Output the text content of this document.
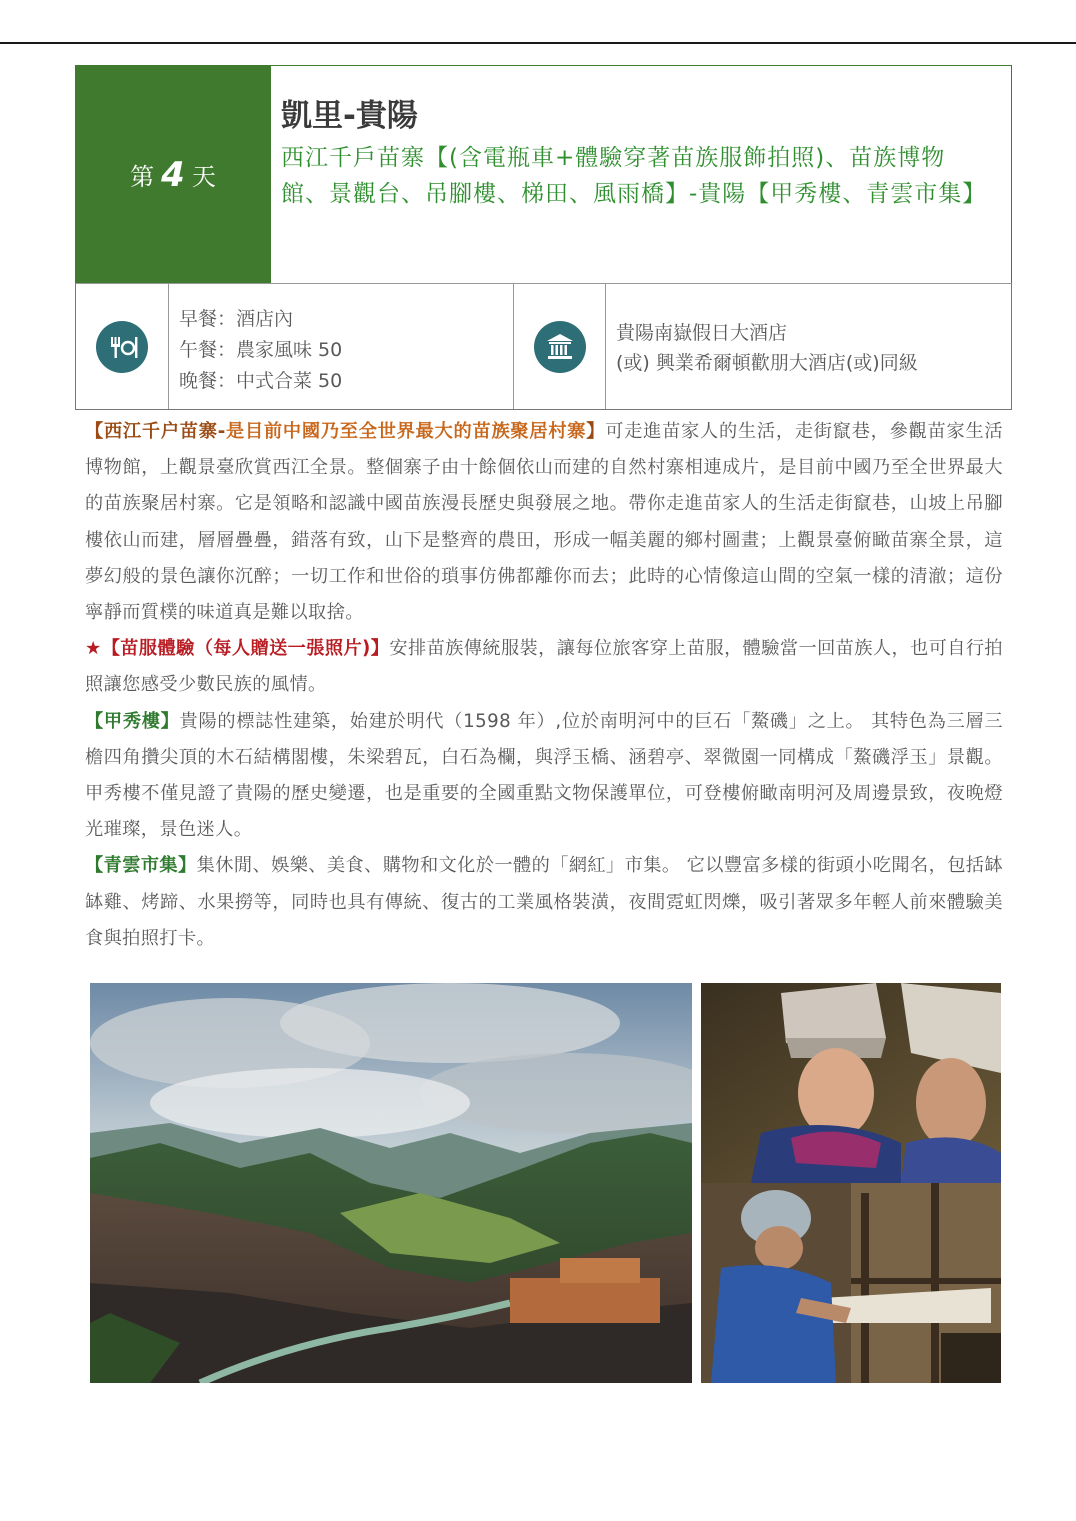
第 4 天
凱里-貴陽
西江千戶苗寨【(含電瓶車+體驗穿著苗族服飾拍照)、苗族博物館、景觀台、吊腳樓、梯田、風雨橋】-貴陽【甲秀樓、青雲市集】
早餐：酒店內
午餐：農家風味 50
晚餐：中式合菜 50
貴陽南嶽假日大酒店
(或) 興業希爾頓歡朋大酒店(或)同級

【西江千户苗寨-是目前中國乃至全世界最大的苗族聚居村寨】可走進苗家人的生活，走街竄巷，參觀苗家生活博物館，上觀景臺欣賞西江全景。整個寨子由十餘個依山而建的自然村寨相連成片，是目前中國乃至全世界最大的苗族聚居村寨。它是領略和認識中國苗族漫長歷史與發展之地。帶你走進苗家人的生活走街竄巷，山坡上吊腳樓依山而建，層層疊疊，錯落有致，山下是整齊的農田，形成一幅美麗的鄉村圖畫；上觀景臺俯瞰苗寨全景，這夢幻般的景色讓你沉醉；一切工作和世俗的瑣事仿佛都離你而去；此時的心情像這山間的空氣一樣的清澈；這份寧靜而質樸的味道真是難以取捨。

★【苗服體驗（每人贈送一張照片)】安排苗族傳統服裝，讓每位旅客穿上苗服，體驗當一回苗族人，也可自行拍照讓您感受少數民族的風情。

【甲秀樓】貴陽的標誌性建築，始建於明代（1598 年）,位於南明河中的巨石「鰲磯」之上。 其特色為三層三檐四角攢尖頂的木石結構閣樓，朱梁碧瓦，白石為欄，與浮玉橋、涵碧亭、翠微園一同構成「鰲磯浮玉」景觀。 甲秀樓不僅見證了貴陽的歷史變遷，也是重要的全國重點文物保護單位，可登樓俯瞰南明河及周邊景致，夜晚燈光璀璨，景色迷人。

【青雲市集】集休閒、娛樂、美食、購物和文化於一體的「網紅」市集。 它以豐富多樣的街頭小吃聞名，包括缽缽雞、烤蹄、水果撈等，同時也具有傳統、復古的工業風格裝潢，夜間霓虹閃爍，吸引著眾多年輕人前來體驗美食與拍照打卡。
